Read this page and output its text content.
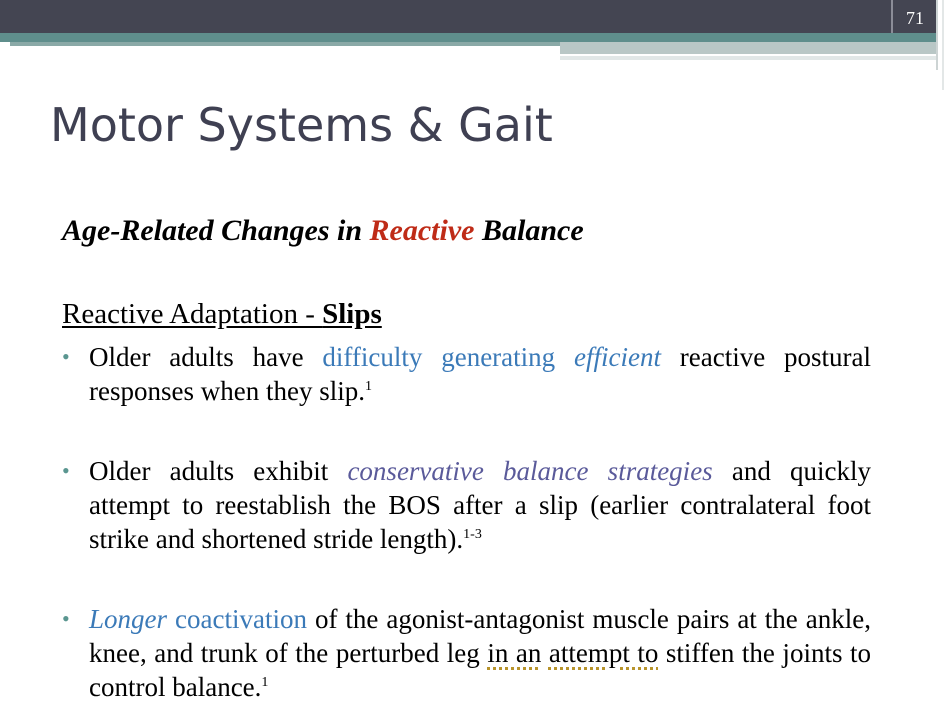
71
Motor Systems & Gait
Age-Related Changes in Reactive Balance
Reactive Adaptation - Slips
• Older adults have difficulty generating efficient reactive postural responses when they slip.$^1$
• Older adults exhibit conservative balance strategies and quickly attempt to reestablish the BOS after a slip (earlier contralateral foot strike and shortened stride length).$^{1-3}$
• Longer coactivation of the agonist-antagonist muscle pairs at the ankle, knee, and trunk of the perturbed leg in an attempt to stiffen the joints to control balance.$^1$
